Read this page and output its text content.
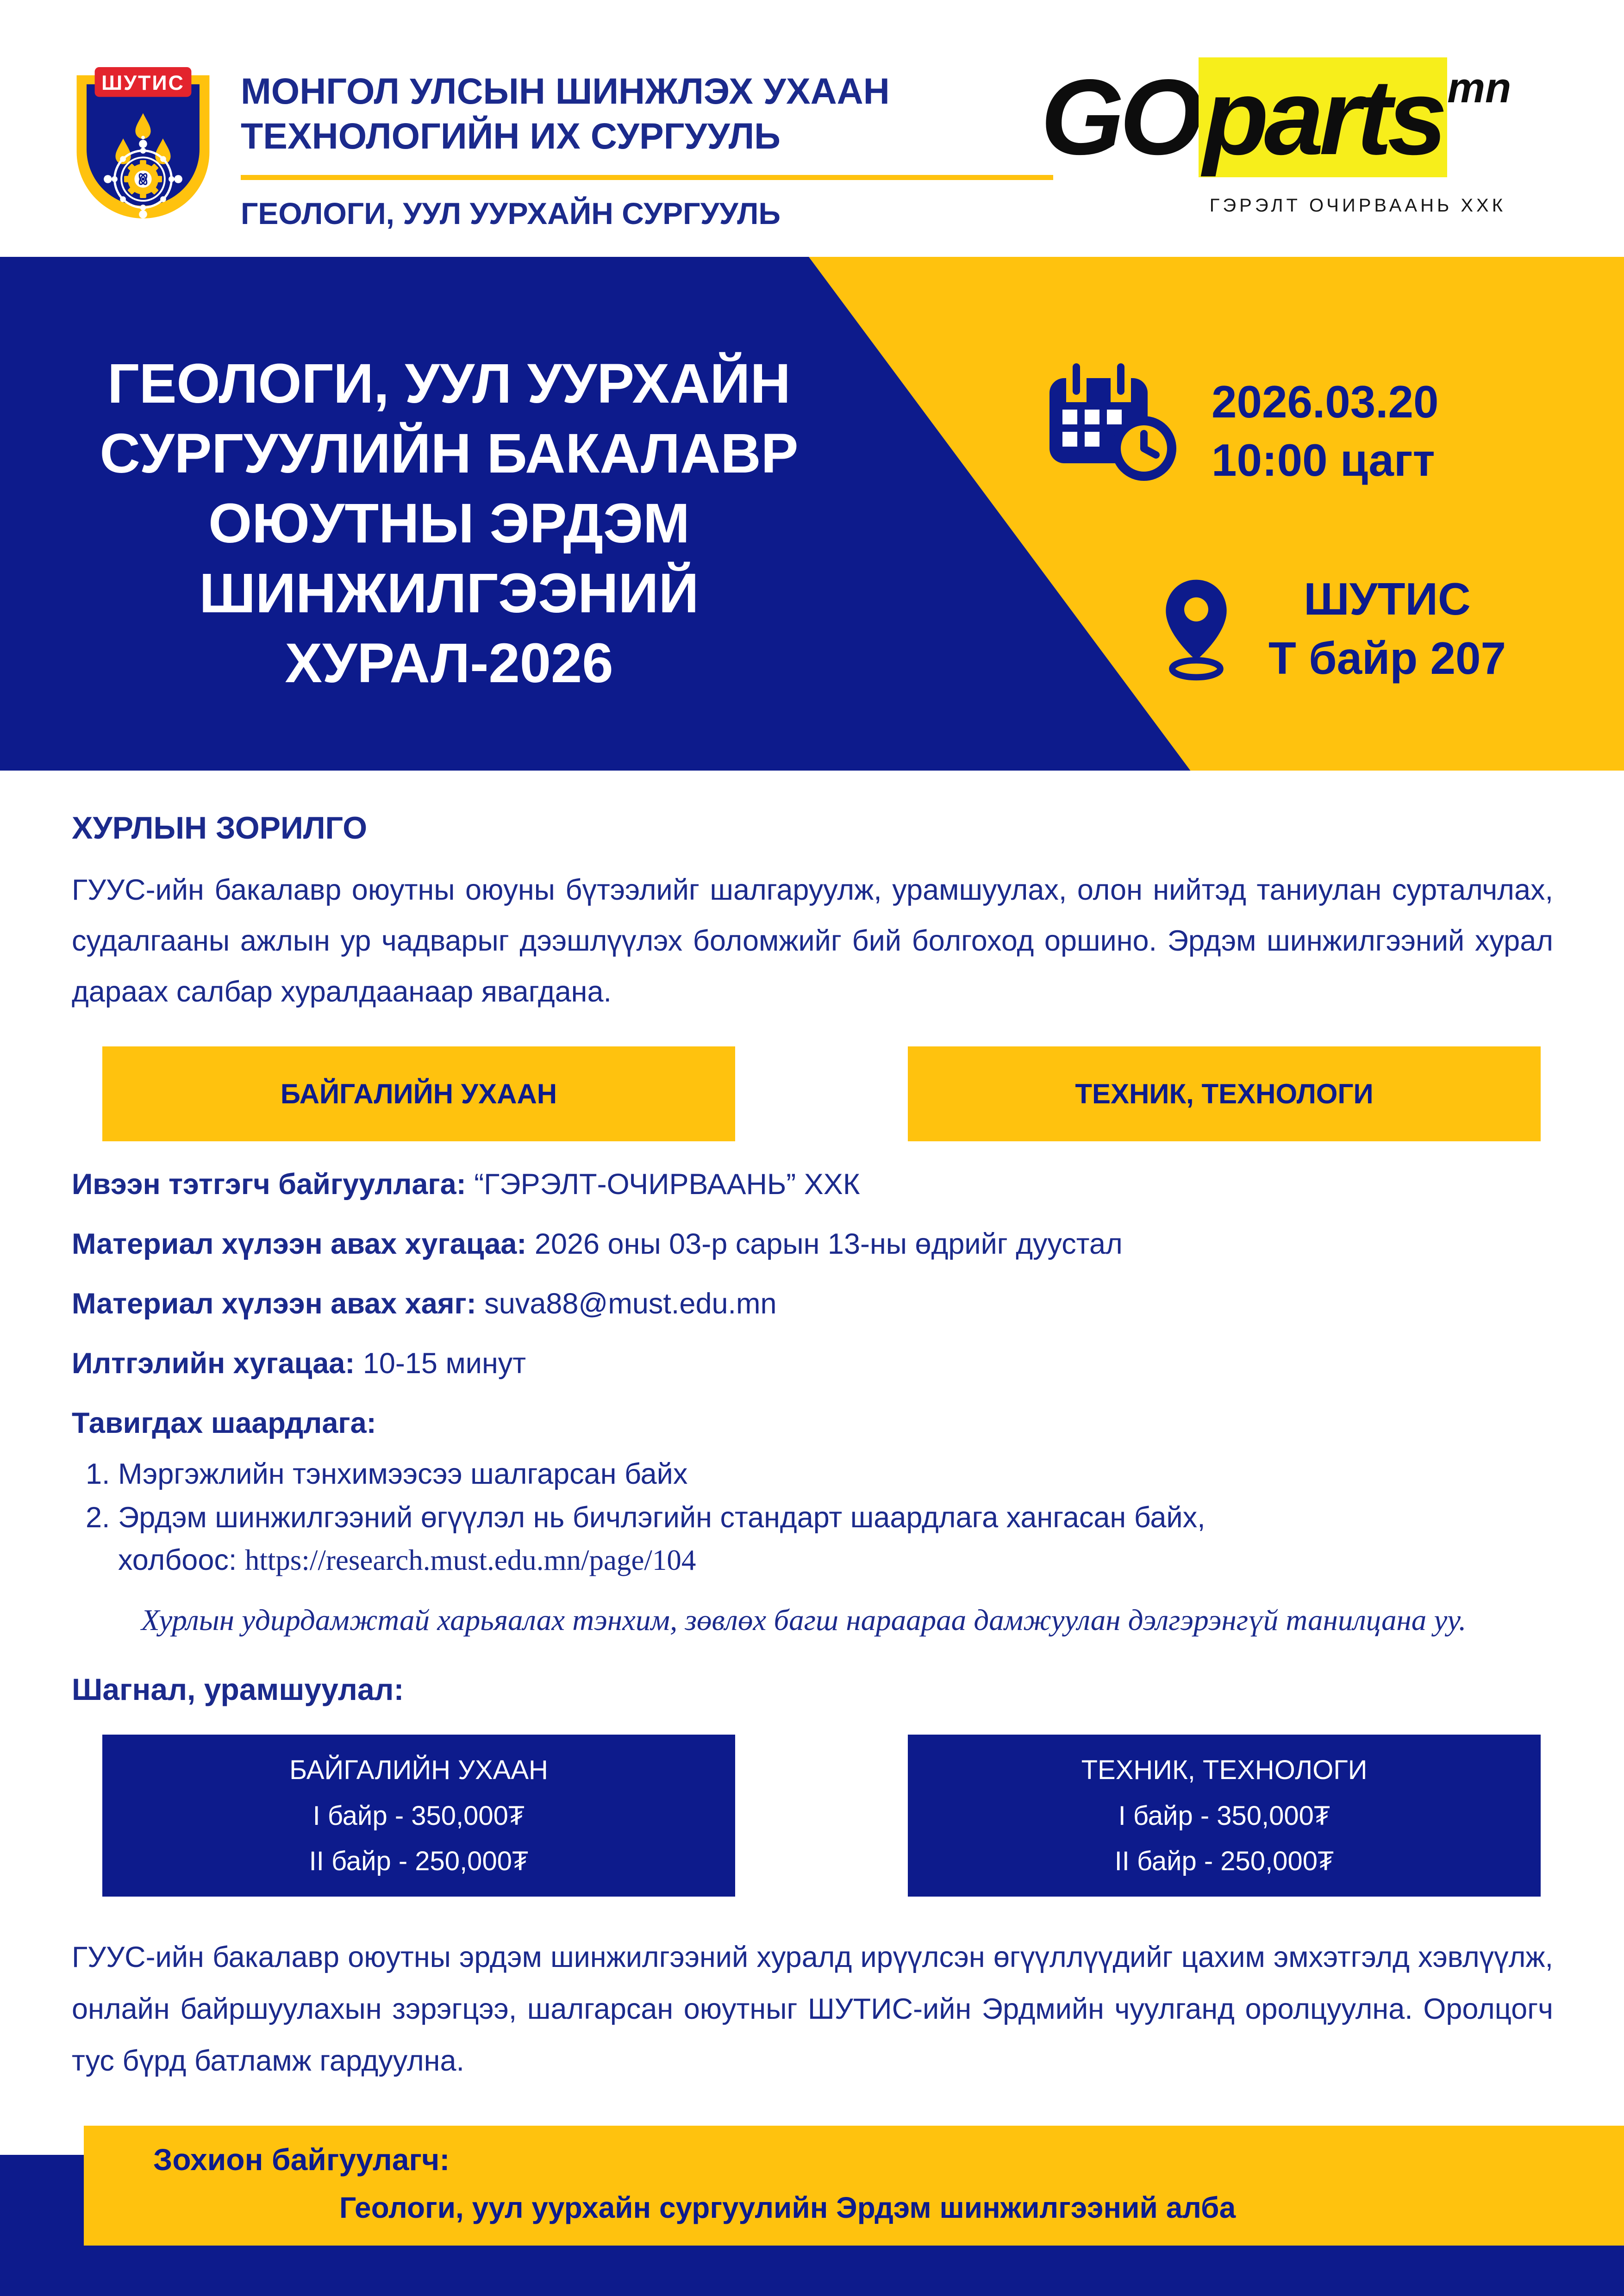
ШУТИС МОНГОЛ УЛСЫН ШИНЖЛЭХ УХААН
ТЕХНОЛОГИЙН ИХ СУРГУУЛЬ
ГЕОЛОГИ, УУЛ УУРХАЙН СУРГУУЛЬ
GOparts $^{mn}$
ГЭРЭЛТ ОЧИРВААНЬ ХХК
ГЕОЛОГИ, УУЛ УУРХАЙН
СУРГУУЛИЙН БАКАЛАВР
ОЮУТНЫ ЭРДЭМ
ШИНЖИЛГЭЭНИЙ
ХУРАЛ-2026
2026.03.20
10:00 цагт
ШУТИС
Т байр 207
ХУРЛЫН ЗОРИЛГО

ГУУС-ийн бакалавр оюутны оюуны бүтээлийг шалгаруулж, урамшуулах, олон нийтэд таниулан сурталчлах, судалгааны ажлын ур чадварыг дээшлүүлэх боломжийг бий болгоход оршино. Эрдэм шинжилгээний хурал дараах салбар хуралдаанаар явагдана.

БАЙГАЛИЙН УХААН	ТЕХНИК, ТЕХНОЛОГИ
Ивээн тэтгэгч байгууллага: “ГЭРЭЛТ-ОЧИРВААНЬ” ХХК
Материал хүлээн авах хугацаа: 2026 оны 03-р сарын 13-ны өдрийг дуустал
Материал хүлээн авах хаяг: suva88@must.edu.mn
Илтгэлийн хугацаа: 10-15 минут
Тавигдах шаардлага:
1. Мэргэжлийн тэнхимээсээ шалгарсан байх
2. Эрдэм шинжилгээний өгүүлэл нь бичлэгийн стандарт шаардлага хангасан байх,
холбоос: https://research.must.edu.mn/page/104

Хурлын удирдамжтай харьяалах тэнхим, зөвлөх багш нараараа дамжуулан дэлгэрэнгүй танилцана уу.

Шагнал, урамшуулал:
БАЙГАЛИЙН УХААН
I байр - 350,000₮
II байр - 250,000₮
ТЕХНИК, ТЕХНОЛОГИ
I байр - 350,000₮
II байр - 250,000₮

ГУУС-ийн бакалавр оюутны эрдэм шинжилгээний хуралд ирүүлсэн өгүүллүүдийг цахим эмхэтгэлд хэвлүүлж, онлайн байршуулахын зэрэгцээ, шалгарсан оюутныг ШУТИС-ийн Эрдмийн чуулганд оролцуулна. Оролцогч тус бүрд батламж гардуулна.

Зохион байгуулагч:
Геологи, уул уурхайн сургуулийн Эрдэм шинжилгээний алба
